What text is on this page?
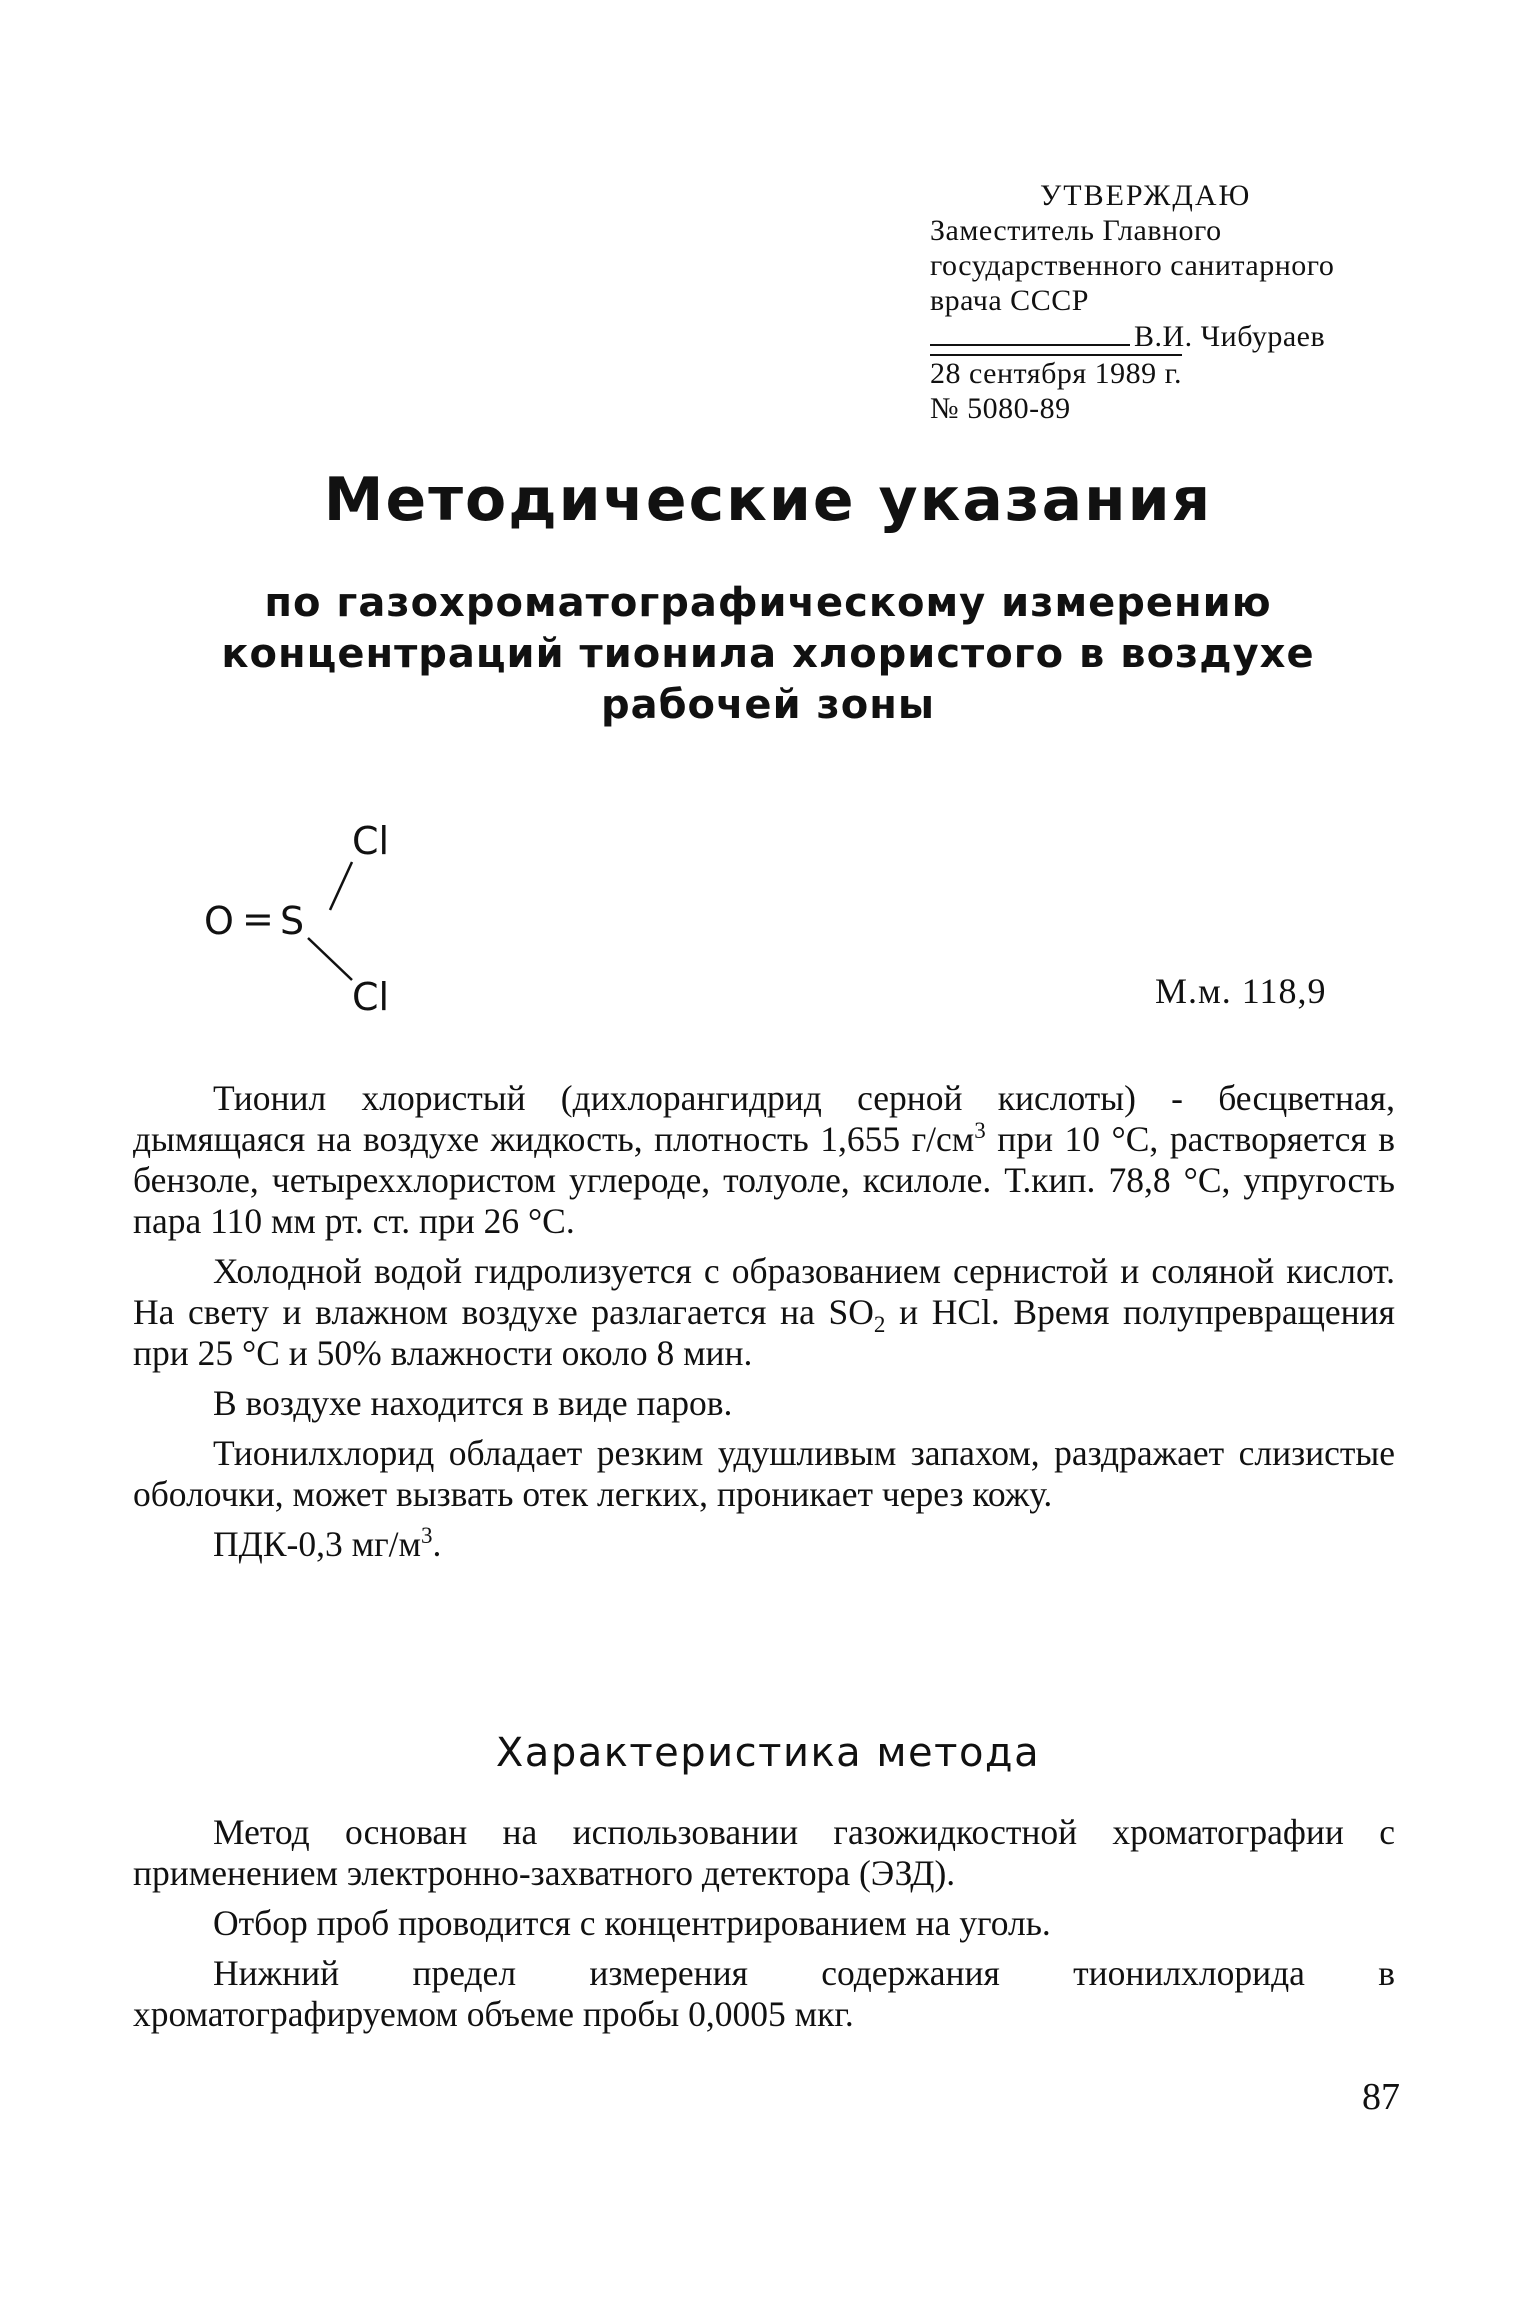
УТВЕРЖДАЮ
Заместитель Главного
государственного санитарного
врача СССР
В.И. Чибураев
28 сентября 1989 г.
№ 5080-89
Методические указания
по газохроматографическому измерению
концентраций тионила хлористого в воздухе
рабочей зоны
O = S
Cl
Cl	М.м. 118,9

Тионил хлористый (дихлорангидрид серной кислоты) - бесцветная, дымящаяся на воздухе жидкость, плотность 1,655 $г/см^3$ при 10 °С, растворяется в бензоле, четыреххлористом углероде, толуоле, ксилоле. Т.кип. 78,8 °С, упругость пара 110 мм рт. ст. при 26 °С.

Холодной водой гидролизуется с образованием сернистой и соляной кислот. На свету и влажном воздухе разлагается на $SO_2$ и HCl. Время полупревращения при 25 °С и 50% влажности около 8 мин.

В воздухе находится в виде паров.

Тионилхлорид обладает резким удушливым запахом, раздражает слизистые оболочки, может вызвать отек легких, проникает через кожу.

ПДК-0,3 $мг/м^3$.

Характеристика метода

Метод основан на использовании газожидкостной хроматографии с применением электронно-захватного детектора (ЭЗД).

Отбор проб проводится с концентрированием на уголь.

Нижний предел измерения содержания тионилхлорида в хроматографируемом объеме пробы 0,0005 мкг.

87
